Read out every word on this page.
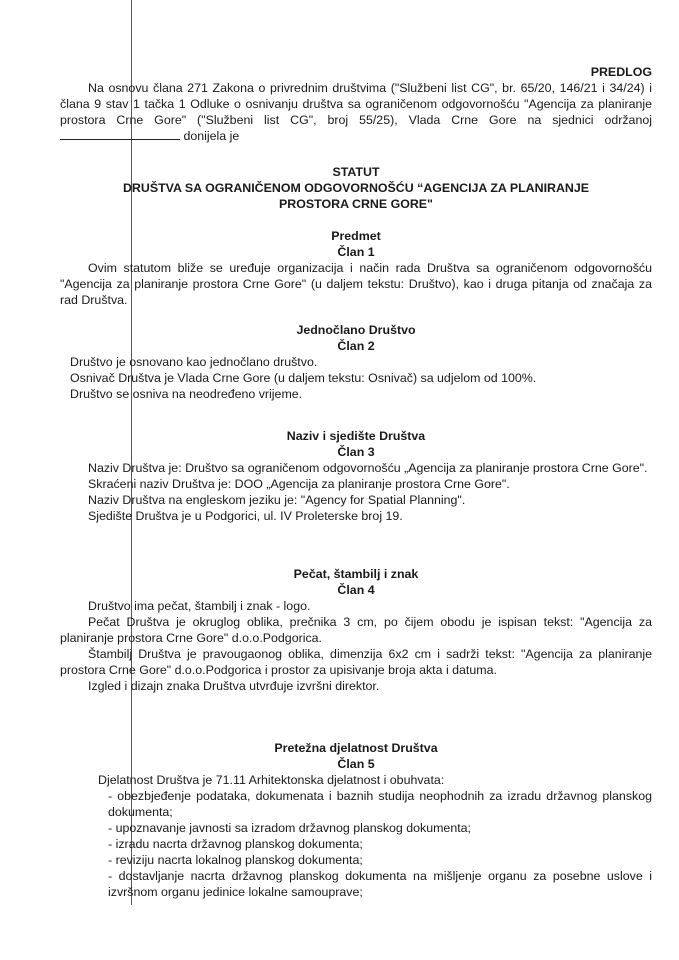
PREDLOG

Na osnovu člana 271 Zakona o privrednim društvima ("Službeni list CG", br. 65/20, 146/21 i 34/24) i člana 9 stav 1 tačka 1 Odluke o osnivanju društva sa ograničenom odgovornošću "Agencija za planiranje prostora Crne Gore" ("Službeni list CG", broj 55/25), Vlada Crne Gore na sjednici održanoj  donijela je

STATUT
DRUŠTVA SA OGRANIČENOM ODGOVORNOŠĆU “AGENCIJA ZA PLANIRANJE PROSTORA CRNE GORE"
Predmet
Član 1

Ovim statutom bliže se uređuje organizacija i način rada Društva sa ograničenom odgovornošću "Agencija za planiranje prostora Crne Gore" (u daljem tekstu: Društvo), kao i druga pitanja od značaja za rad Društva.

Jednočlano Društvo
Član 2

Društvo je osnovano kao jednočlano društvo.

Osnivač Društva je Vlada Crne Gore (u daljem tekstu: Osnivač) sa udjelom od 100%.

Društvo se osniva na neodređeno vrijeme.

Naziv i sjedište Društva
Član 3

Naziv Društva je: Društvo sa ograničenom odgovornošću „Agencija za planiranje prostora Crne Gore".

Skraćeni naziv Društva je: DOO „Agencija za planiranje prostora Crne Gore".

Naziv Društva na engleskom jeziku je: "Agency for Spatial Planning".

Sjedište Društva je u Podgorici, ul. IV Proleterske broj 19.

Pečat, štambilj i znak
Član 4

Društvo ima pečat, štambilj i znak - logo.

Pečat Društva je okruglog oblika, prečnika 3 cm, po čijem obodu je ispisan tekst: "Agencija za planiranje prostora Crne Gore" d.o.o.Podgorica.

Štambilj Društva je pravougaonog oblika, dimenzija 6x2 cm i sadrži tekst: "Agencija za planiranje prostora Crne Gore" d.o.o.Podgorica i prostor za upisivanje broja akta i datuma.

Izgled i dizajn znaka Društva utvrđuje izvršni direktor.

Pretežna djelatnost Društva
Član 5

Djelatnost Društva je 71.11 Arhitektonska djelatnost i obuhvata:

- obezbjeđenje podataka, dokumenata i baznih studija neophodnih za izradu državnog planskog dokumenta;

- upoznavanje javnosti sa izradom državnog planskog dokumenta;

- izradu nacrta državnog planskog dokumenta;

- reviziju nacrta lokalnog planskog dokumenta;

- dostavljanje nacrta državnog planskog dokumenta na mišljenje organu za posebne uslove i izvršnom organu jedinice lokalne samouprave;
